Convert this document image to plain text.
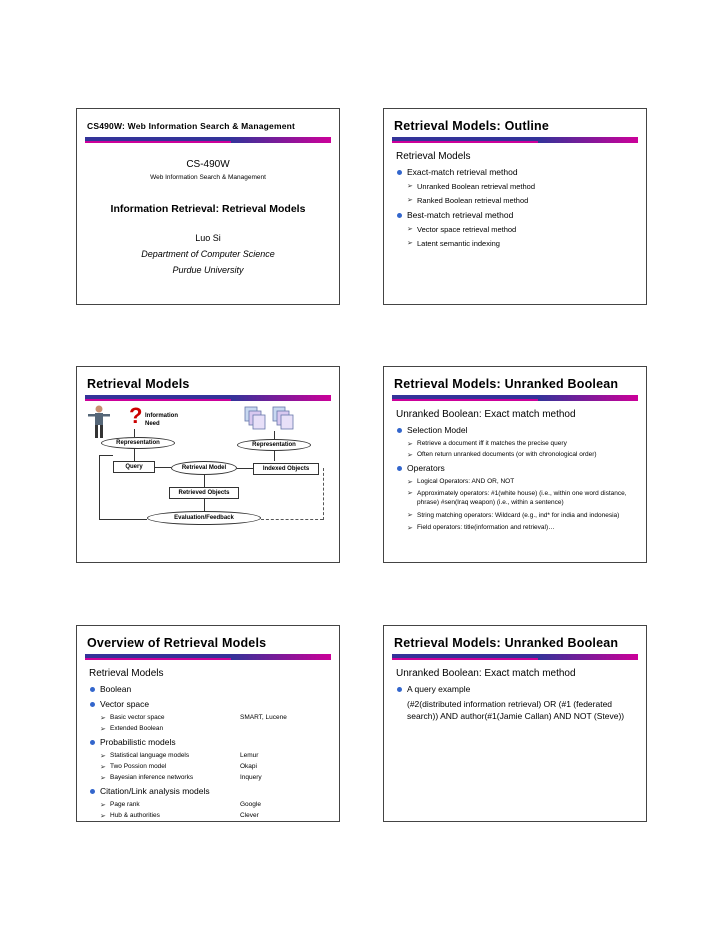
CS490W: Web Information Search & Management
CS-490W
Web Information Search & Management
Information Retrieval: Retrieval Models
Luo Si
Department of Computer Science
Purdue University
Retrieval Models: Outline
Retrieval Models
Exact-match retrieval method
➢ Unranked Boolean retrieval method
➢ Ranked Boolean retrieval method
Best-match retrieval method
➢ Vector space retrieval method
➢ Latent semantic indexing
Retrieval Models
? Information Need
Representation	Representation
Query	Retrieval Model	Indexed Objects
Retrieved Objects
Evaluation/Feedback
Retrieval Models: Unranked Boolean
Unranked Boolean: Exact match method
Selection Model
➢ Retrieve a document iff it matches the precise query
➢ Often return unranked documents (or with chronological order)
Operators
➢ Logical Operators: AND OR, NOT
➢ Approximately operators: #1(white house) (i.e., within one word distance, phrase) #sen(Iraq weapon) (i.e., within a sentence)
➢ String matching operators: Wildcard (e.g., ind* for india and indonesia)
➢ Field operators: title(information and retrieval)…
Overview of Retrieval Models
Retrieval Models
Boolean
Vector space
➢ Basic vector space	SMART, Lucene
➢ Extended Boolean
Probabilistic models
➢ Statistical language models	Lemur
➢ Two Possion model	Okapi
➢ Bayesian inference networks	Inquery
Citation/Link analysis models
➢ Page rank	Google
➢ Hub & authorities	Clever
Retrieval Models: Unranked Boolean
Unranked Boolean: Exact match method
A query example
(#2(distributed information retrieval) OR (#1 (federated search)) AND author(#1(Jamie Callan) AND NOT (Steve))
